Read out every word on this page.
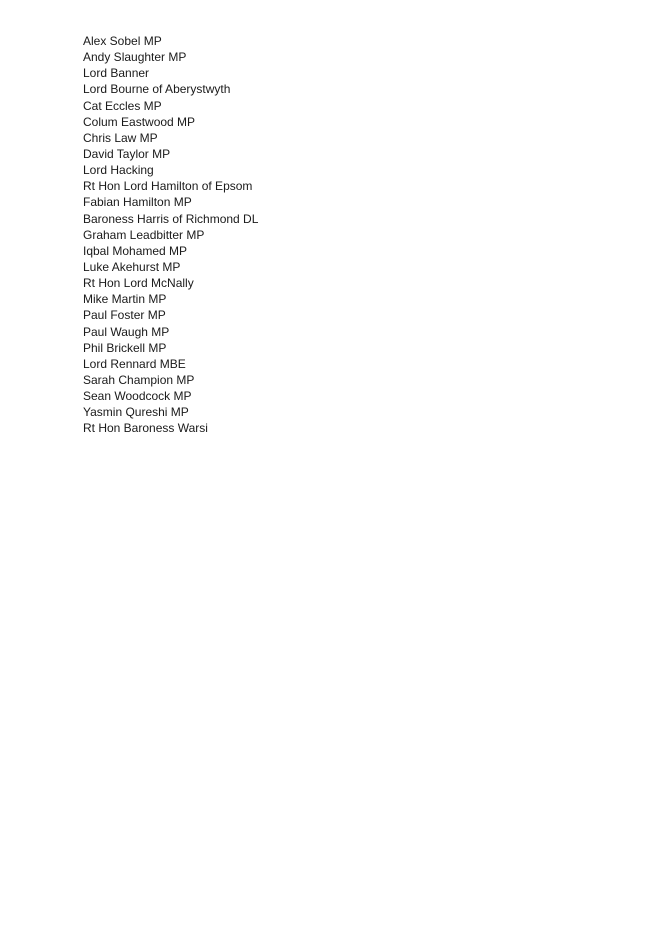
Alex Sobel MP
Andy Slaughter MP
Lord Banner
Lord Bourne of Aberystwyth
Cat Eccles MP
Colum Eastwood MP
Chris Law MP
David Taylor MP
Lord Hacking
Rt Hon Lord Hamilton of Epsom
Fabian Hamilton MP
Baroness Harris of Richmond DL
Graham Leadbitter MP
Iqbal Mohamed MP
Luke Akehurst MP
Rt Hon Lord McNally
Mike Martin MP
Paul Foster MP
Paul Waugh MP
Phil Brickell MP
Lord Rennard MBE
Sarah Champion MP
Sean Woodcock MP
Yasmin Qureshi MP
Rt Hon Baroness Warsi
